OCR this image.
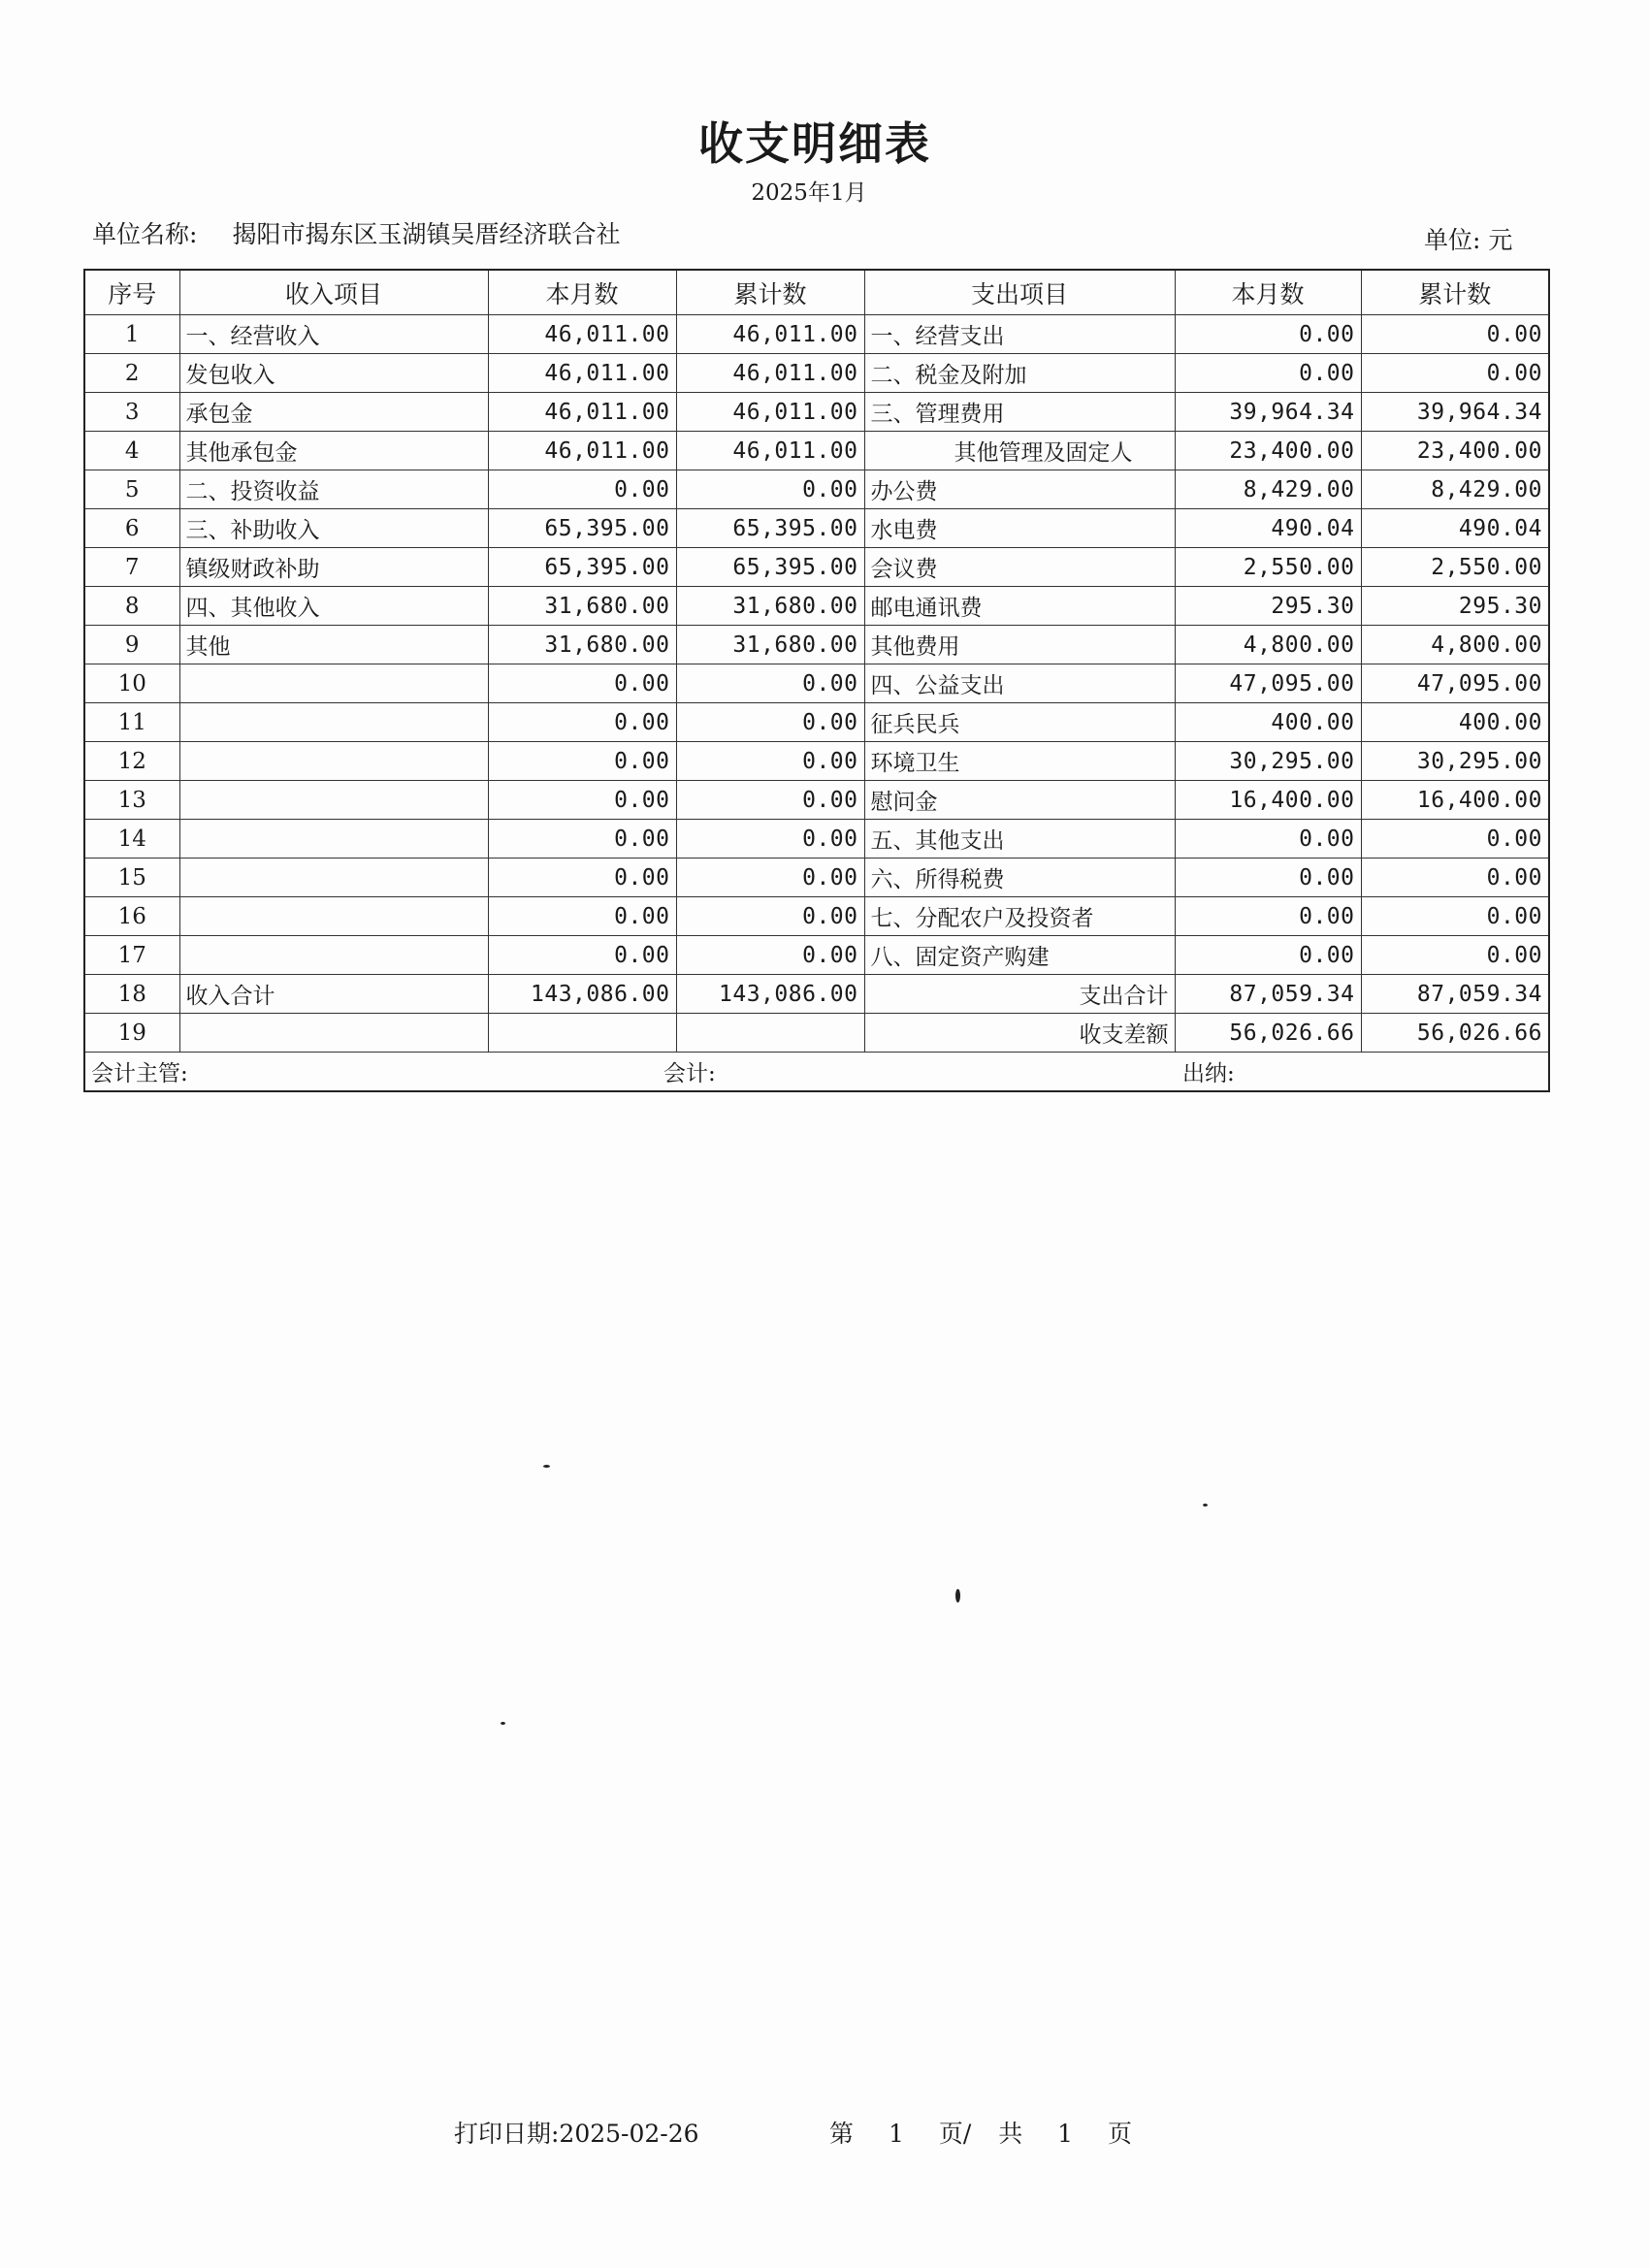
收支明细表
2025年1月
单位名称: 揭阳市揭东区玉湖镇吴厝经济联合社	单位: 元
序号	收入项目	本月数	累计数	支出项目	本月数	累计数
1	一、经营收入	46,011.00	46,011.00	一、经营支出	0.00	0.00
2	发包收入	46,011.00	46,011.00	二、税金及附加	0.00	0.00
3	承包金	46,011.00	46,011.00	三、管理费用	39,964.34	39,964.34
4	其他承包金	46,011.00	46,011.00	其他管理及固定人	23,400.00	23,400.00
5	二、投资收益	0.00	0.00	办公费	8,429.00	8,429.00
6	三、补助收入	65,395.00	65,395.00	水电费	490.04	490.04
7	镇级财政补助	65,395.00	65,395.00	会议费	2,550.00	2,550.00
8	四、其他收入	31,680.00	31,680.00	邮电通讯费	295.30	295.30
9	其他	31,680.00	31,680.00	其他费用	4,800.00	4,800.00
10		0.00	0.00	四、公益支出	47,095.00	47,095.00
11		0.00	0.00	征兵民兵	400.00	400.00
12		0.00	0.00	环境卫生	30,295.00	30,295.00
13		0.00	0.00	慰问金	16,400.00	16,400.00
14		0.00	0.00	五、其他支出	0.00	0.00
15		0.00	0.00	六、所得税费	0.00	0.00
16		0.00	0.00	七、分配农户及投资者	0.00	0.00
17		0.00	0.00	八、固定资产购建	0.00	0.00
18	收入合计	143,086.00	143,086.00	支出合计	87,059.34	87,059.34
19				收支差额	56,026.66	56,026.66

会计主管: 会计: 出纳:						
打印日期:2025-02-26	第 1 页/ 共 1 页
